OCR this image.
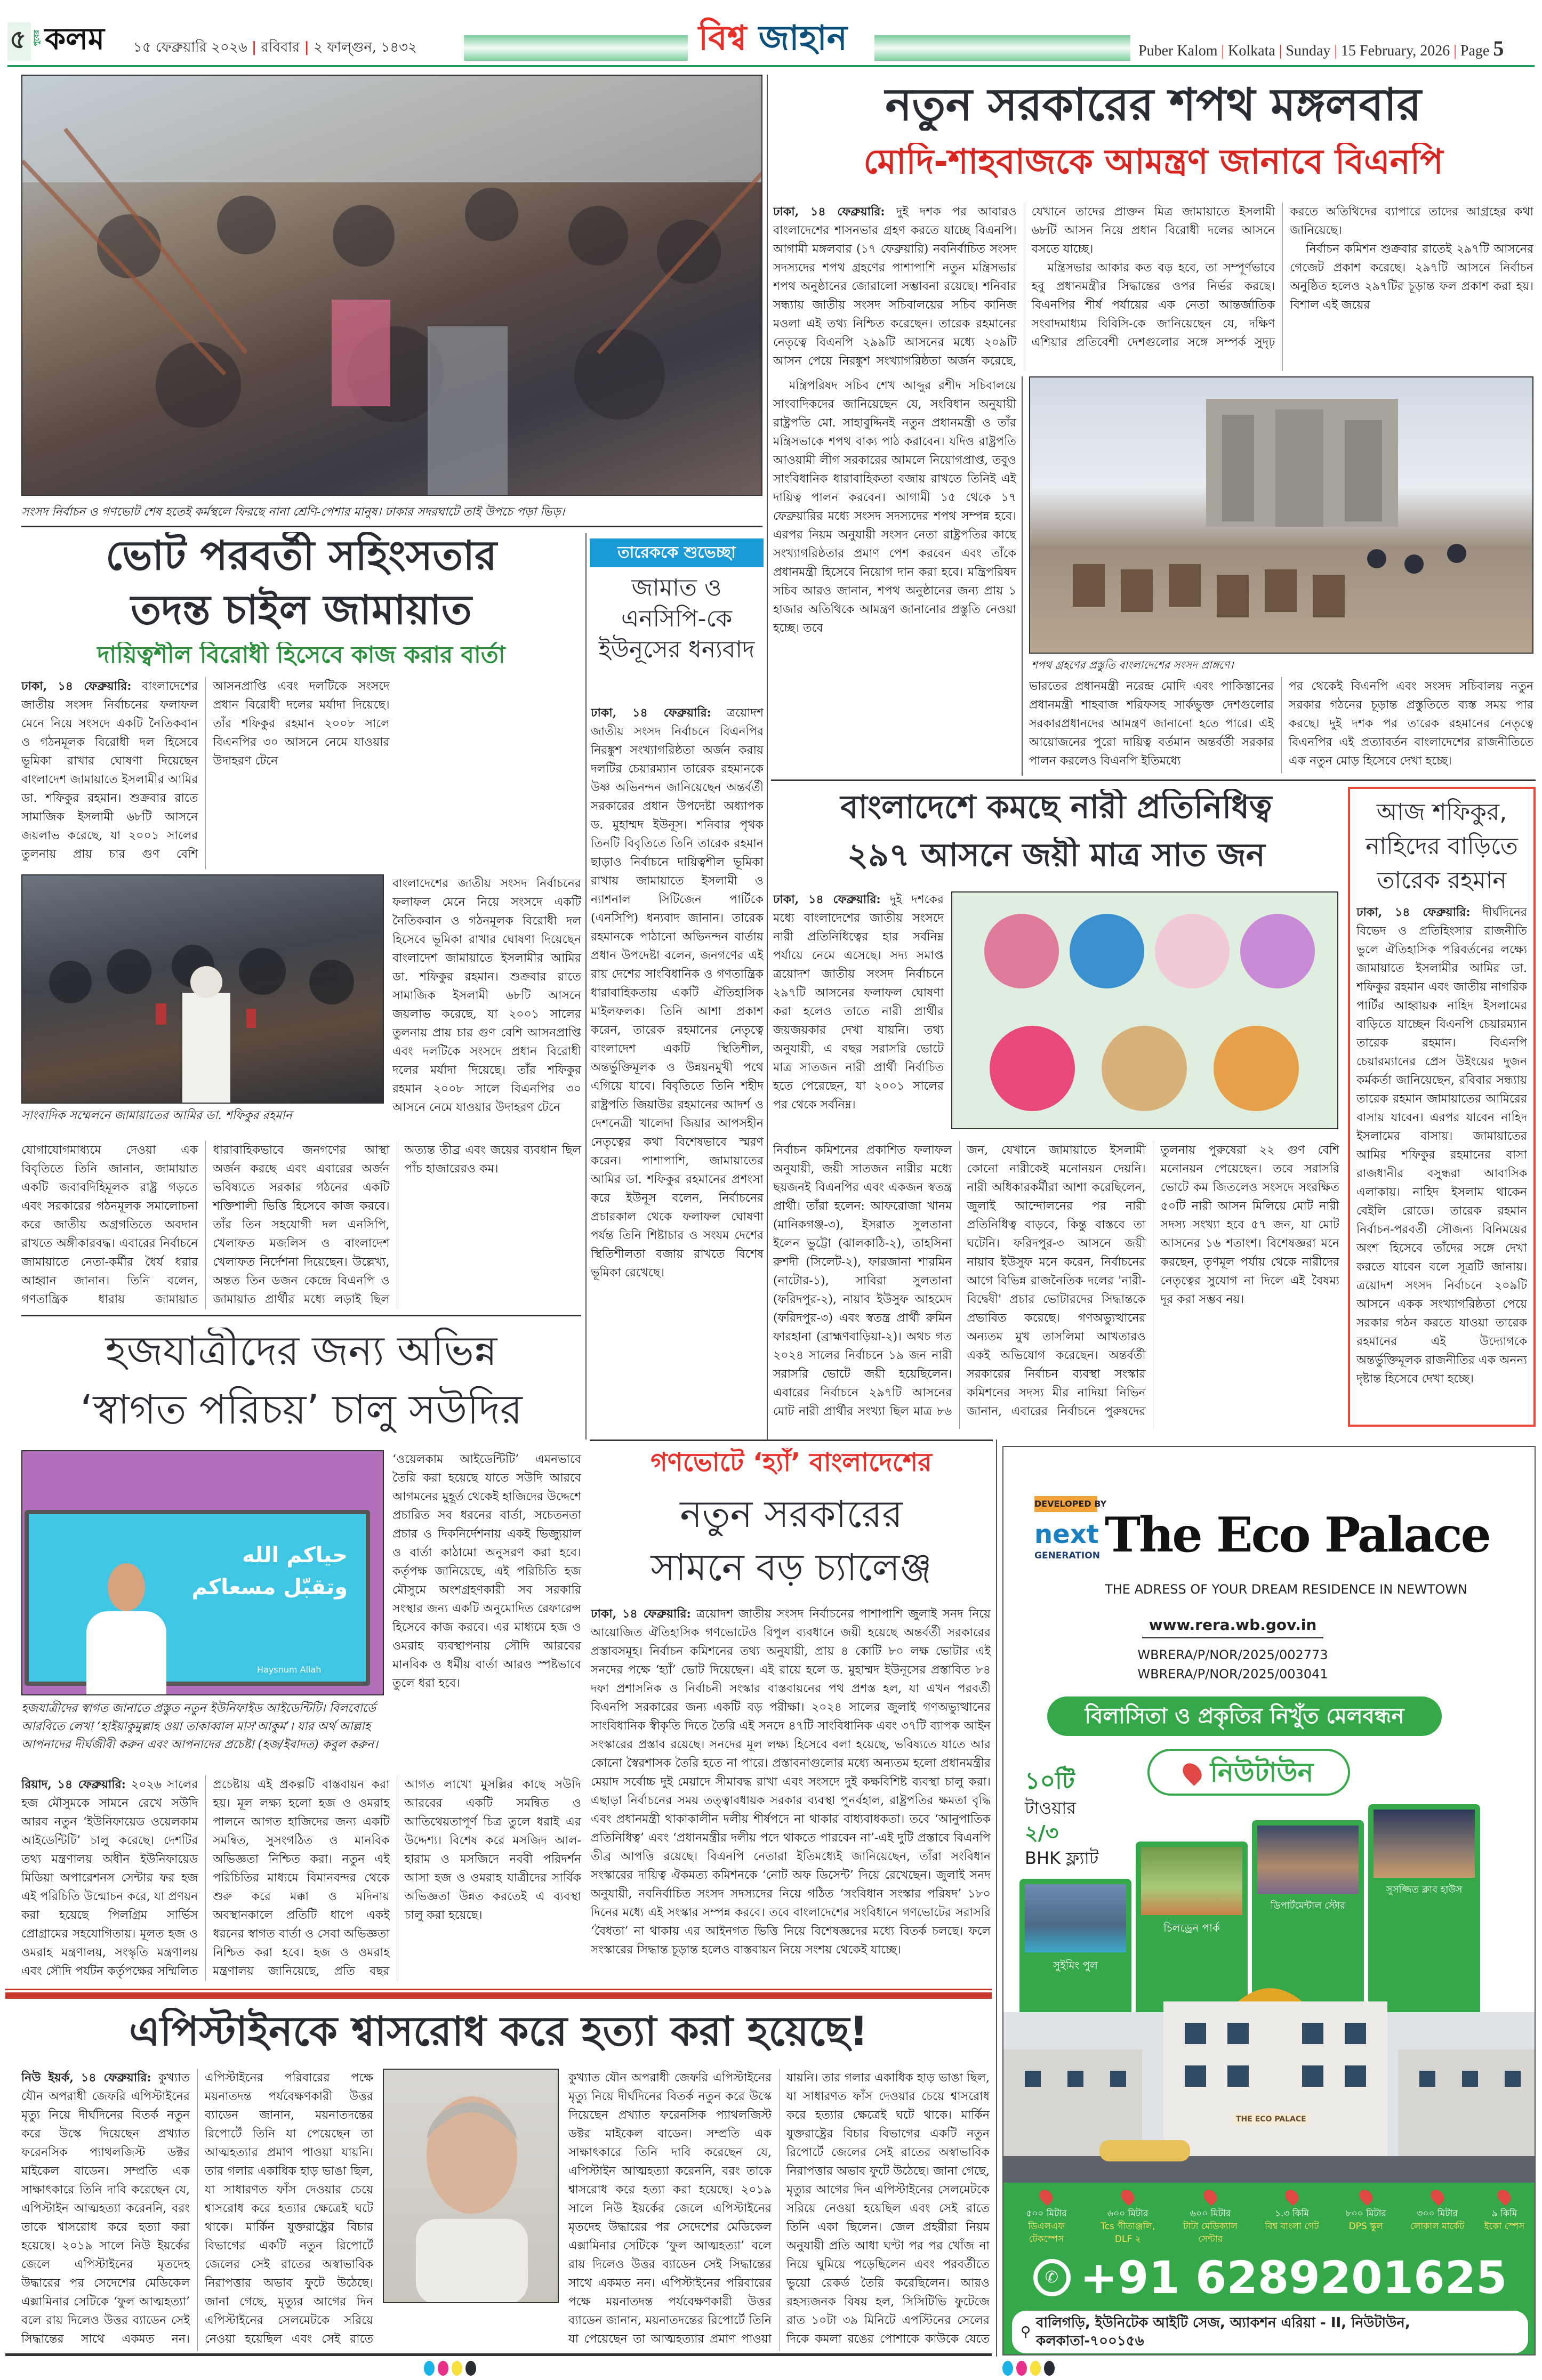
৫ পুবের কলম ১৫ ফেব্রুয়ারি ২০২৬ | রবিবার | ২ ফাল্গুন, ১৪৩২	বিশ্ব জাহান	Puber Kalom | Kolkata | Sunday | 15 February, 2026 | Page 5
সংসদ নির্বাচন ও গণভোট শেষ হতেই কর্মস্থলে ফিরছে নানা শ্রেণি-পেশার মানুষ। ঢাকার সদরঘাটে তাই উপচে পড়া ভিড়।
নতুন সরকারের শপথ মঙ্গলবার
মোদি-শাহবাজকে আমন্ত্রণ জানাবে বিএনপি

ঢাকা, ১৪ ফেব্রুয়ারি: দুই দশক পর আবারও বাংলাদেশের শাসনভার গ্রহণ করতে যাচ্ছে বিএনপি। আগামী মঙ্গলবার (১৭ ফেব্রুয়ারি) নবনির্বাচিত সংসদ সদস্যদের শপথ গ্রহণের পাশাপাশি নতুন মন্ত্রিসভার শপথ অনুষ্ঠানের জোরালো সম্ভাবনা রয়েছে। শনিবার সন্ধ্যায় জাতীয় সংসদ সচিবালয়ের সচিব কানিজ মওলা এই তথ্য নিশ্চিত করেছেন। তারেক রহমানের নেতৃত্বে বিএনপি ২৯৯টি আসনের মধ্যে ২০৯টি আসন পেয়ে নিরঙ্কুশ সংখ্যাগরিষ্ঠতা অর্জন করেছে, যেখানে তাদের প্রাক্তন মিত্র জামায়াতে ইসলামী ৬৮টি আসন নিয়ে প্রধান বিরোধী দলের আসনে বসতে যাচ্ছে।

মন্ত্রিসভার আকার কত বড় হবে, তা সম্পূর্ণভাবে হবু প্রধানমন্ত্রীর সিদ্ধান্তের ওপর নির্ভর করছে। বিএনপির শীর্ষ পর্যায়ের এক নেতা আন্তর্জাতিক সংবাদমাধ্যম বিবিসি-কে জানিয়েছেন যে, দক্ষিণ এশিয়ার প্রতিবেশী দেশগুলোর সঙ্গে সম্পর্ক সুদৃঢ় করতে অতিথিদের ব্যাপারে তাদের আগ্রহের কথা জানিয়েছে।

নির্বাচন কমিশন শুক্রবার রাতেই ২৯৭টি আসনের গেজেট প্রকাশ করেছে। ২৯৭টি আসনে নির্বাচন অনুষ্ঠিত হলেও ২৯৭টির চূড়ান্ত ফল প্রকাশ করা হয়। বিশাল এই জয়ের

মন্ত্রিপরিষদ সচিব শেখ আব্দুর রশীদ সচিবালয়ে সাংবাদিকদের জানিয়েছেন যে, সংবিধান অনুযায়ী রাষ্ট্রপতি মো. সাহাবুদ্দিনই নতুন প্রধানমন্ত্রী ও তাঁর মন্ত্রিসভাকে শপথ বাক্য পাঠ করাবেন। যদিও রাষ্ট্রপতি আওয়ামী লীগ সরকারের আমলে নিয়োগপ্রাপ্ত, তবুও সাংবিধানিক ধারাবাহিকতা বজায় রাখতে তিনিই এই দায়িত্ব পালন করবেন। আগামী ১৫ থেকে ১৭ ফেব্রুয়ারির মধ্যে সংসদ সদস্যদের শপথ সম্পন্ন হবে। এরপর নিয়ম অনুযায়ী সংসদ নেতা রাষ্ট্রপতির কাছে সংখ্যাগরিষ্ঠতার প্রমাণ পেশ করবেন এবং তাঁকে প্রধানমন্ত্রী হিসেবে নিয়োগ দান করা হবে। মন্ত্রিপরিষদ সচিব আরও জানান, শপথ অনুষ্ঠানের জন্য প্রায় ১ হাজার অতিথিকে আমন্ত্রণ জানানোর প্রস্তুতি নেওয়া হচ্ছে। তবে

শপথ গ্রহণের প্রস্তুতি বাংলাদেশের সংসদ প্রাঙ্গণে।

ভারতের প্রধানমন্ত্রী নরেন্দ্র মোদি এবং পাকিস্তানের প্রধানমন্ত্রী শাহবাজ শরিফসহ সার্কভুক্ত দেশগুলোর সরকারপ্রধানদের আমন্ত্রণ জানানো হতে পারে। এই আয়োজনের পুরো দায়িত্ব বর্তমান অন্তর্বর্তী সরকার পালন করলেও বিএনপি ইতিমধ্যে

পর থেকেই বিএনপি এবং সংসদ সচিবালয় নতুন সরকার গঠনের চূড়ান্ত প্রস্তুতিতে ব্যস্ত সময় পার করছে। দুই দশক পর তারেক রহমানের নেতৃত্বে বিএনপির এই প্রত্যাবর্তন বাংলাদেশের রাজনীতিতে এক নতুন মোড় হিসেবে দেখা হচ্ছে।

ভোট পরবর্তী সহিংসতার
তদন্ত চাইল জামায়াত
দায়িত্বশীল বিরোধী হিসেবে কাজ করার বার্তা

ঢাকা, ১৪ ফেব্রুয়ারি: বাংলাদেশের জাতীয় সংসদ নির্বাচনের ফলাফল মেনে নিয়ে সংসদে একটি নৈতিকবান ও গঠনমূলক বিরোধী দল হিসেবে ভূমিকা রাখার ঘোষণা দিয়েছেন বাংলাদেশ জামায়াতে ইসলামীর আমির ডা. শফিকুর রহমান। শুক্রবার রাতে সামাজিক ইসলামী ৬৮টি আসনে জয়লাভ করেছে, যা ২০০১ সালের তুলনায় প্রায় চার গুণ বেশি আসনপ্রাপ্তি এবং দলটিকে সংসদে প্রধান বিরোধী দলের মর্যাদা দিয়েছে। তাঁর শফিকুর রহমান ২০০৮ সালে বিএনপির ৩০ আসনে নেমে যাওয়ার উদাহরণ টেনে

সাংবাদিক সম্মেলনে জামায়াতের আমির ডা. শফিকুর রহমান

বাংলাদেশের জাতীয় সংসদ নির্বাচনের ফলাফল মেনে নিয়ে সংসদে একটি নৈতিকবান ও গঠনমূলক বিরোধী দল হিসেবে ভূমিকা রাখার ঘোষণা দিয়েছেন বাংলাদেশ জামায়াতে ইসলামীর আমির ডা. শফিকুর রহমান। শুক্রবার রাতে সামাজিক ইসলামী ৬৮টি আসনে জয়লাভ করেছে, যা ২০০১ সালের তুলনায় প্রায় চার গুণ বেশি আসনপ্রাপ্তি এবং দলটিকে সংসদে প্রধান বিরোধী দলের মর্যাদা দিয়েছে। তাঁর শফিকুর রহমান ২০০৮ সালে বিএনপির ৩০ আসনে নেমে যাওয়ার উদাহরণ টেনে

যোগাযোগমাধ্যমে দেওয়া এক বিবৃতিতে তিনি জানান, জামায়াত একটি জবাবদিহিমূলক রাষ্ট্র গড়তে এবং সরকারের গঠনমূলক সমালোচনা করে জাতীয় অগ্রগতিতে অবদান রাখতে অঙ্গীকারবদ্ধ। এবারের নির্বাচনে জামায়াতে নেতা-কর্মীর ধৈর্য ধরার আহ্বান জানান। তিনি বলেন, গণতান্ত্রিক ধারায় জামায়াত ধারাবাহিকভাবে জনগণের আস্থা অর্জন করছে এবং এবারের অর্জন ভবিষ্যতে সরকার গঠনের একটি শক্তিশালী ভিত্তি হিসেবে কাজ করবে। তাঁর তিন সহযোগী দল এনসিপি, খেলাফত মজলিস ও বাংলাদেশ খেলাফত নির্দেশনা দিয়েছেন। উল্লেখ্য, অন্তত তিন ডজন কেন্দ্রে বিএনপি ও জামায়াত প্রার্থীর মধ্যে লড়াই ছিল অত্যন্ত তীব্র এবং জয়ের ব্যবধান ছিল পাঁচ হাজারেরও কম।

তারেককে শুভেচ্ছা
জামাত ও এনসিপি-কে ইউনূসের ধন্যবাদ

ঢাকা, ১৪ ফেব্রুয়ারি: ত্রয়োদশ জাতীয় সংসদ নির্বাচনে বিএনপির নিরঙ্কুশ সংখ্যাগরিষ্ঠতা অর্জন করায় দলটির চেয়ারম্যান তারেক রহমানকে উষ্ণ অভিনন্দন জানিয়েছেন অন্তর্বর্তী সরকারের প্রধান উপদেষ্টা অধ্যাপক ড. মুহাম্মদ ইউনূস। শনিবার পৃথক তিনটি বিবৃতিতে তিনি তারেক রহমান ছাড়াও নির্বাচনে দায়িত্বশীল ভূমিকা রাখায় জামায়াতে ইসলামী ও ন্যাশনাল সিটিজেন পার্টিকে (এনসিপি) ধন্যবাদ জানান। তারেক রহমানকে পাঠানো অভিনন্দন বার্তায় প্রধান উপদেষ্টা বলেন, জনগণের এই রায় দেশের সাংবিধানিক ও গণতান্ত্রিক ধারাবাহিকতায় একটি ঐতিহাসিক মাইলফলক। তিনি আশা প্রকাশ করেন, তারেক রহমানের নেতৃত্বে বাংলাদেশ একটি স্থিতিশীল, অন্তর্ভুক্তিমূলক ও উন্নয়নমুখী পথে এগিয়ে যাবে। বিবৃতিতে তিনি শহীদ রাষ্ট্রপতি জিয়াউর রহমানের আদর্শ ও দেশনেত্রী খালেদা জিয়ার আপসহীন নেতৃত্বের কথা বিশেষভাবে স্মরণ করেন। পাশাপাশি, জামায়াতের আমির ডা. শফিকুর রহমানের প্রশংসা করে ইউনূস বলেন, নির্বাচনের প্রচারকাল থেকে ফলাফল ঘোষণা পর্যন্ত তিনি শিষ্টাচার ও সংযম দেশের স্থিতিশীলতা বজায় রাখতে বিশেষ ভূমিকা রেখেছে।

বাংলাদেশে কমছে নারী প্রতিনিধিত্ব
২৯৭ আসনে জয়ী মাত্র সাত জন

ঢাকা, ১৪ ফেব্রুয়ারি: দুই দশকের মধ্যে বাংলাদেশের জাতীয় সংসদে নারী প্রতিনিধিত্বের হার সর্বনিম্ন পর্যায়ে নেমে এসেছে। সদ্য সমাপ্ত ত্রয়োদশ জাতীয় সংসদ নির্বাচনে ২৯৭টি আসনের ফলাফল ঘোষণা করা হলেও তাতে নারী প্রার্থীর জয়জয়কার দেখা যায়নি। তথ্য অনুযায়ী, এ বছর সরাসরি ভোটে মাত্র সাতজন নারী প্রার্থী নির্বাচিত হতে পেরেছেন, যা ২০০১ সালের পর থেকে সর্বনিম্ন।

নির্বাচন কমিশনের প্রকাশিত ফলাফল অনুযায়ী, জয়ী সাতজন নারীর মধ্যে ছয়জনই বিএনপির এবং একজন স্বতন্ত্র প্রার্থী। তাঁরা হলেন: আফরোজা খানম (মানিকগঞ্জ-৩), ইসরাত সুলতানা ইলেন ভুট্টো (ঝালকাঠি-২), তাহসিনা রুশদী (সিলেট-২), ফারজানা শারমিন (নাটোর-১), সাবিরা সুলতানা (ফরিদপুর-২), নায়াব ইউসুফ আহমেদ (ফরিদপুর-৩) এবং স্বতন্ত্র প্রার্থী রুমিন ফারহানা (ব্রাহ্মণবাড়িয়া-২)। অথচ গত ২০২৪ সালের নির্বাচনে ১৯ জন নারী সরাসরি ভোটে জয়ী হয়েছিলেন। এবারের নির্বাচনে ২৯৭টি আসনের মোট নারী প্রার্থীর সংখ্যা ছিল মাত্র ৮৬ জন, যেখানে জামায়াতে ইসলামী কোনো নারীকেই মনোনয়ন দেয়নি। নারী অধিকারকর্মীরা আশা করেছিলেন, জুলাই আন্দোলনের পর নারী প্রতিনিধিত্ব বাড়বে, কিন্তু বাস্তবে তা ঘটেনি। ফরিদপুর-৩ আসনে জয়ী নায়াব ইউসুফ মনে করেন, নির্বাচনের আগে বিভিন্ন রাজনৈতিক দলের 'নারী-বিদ্বেষী' প্রচার ভোটারদের সিদ্ধান্তকে প্রভাবিত করেছে। গণঅভ্যুত্থানের অন্যতম মুখ তাসলিমা আখতারও একই অভিযোগ করেছেন। অন্তর্বর্তী সরকারের নির্বাচন ব্যবস্থা সংস্কার কমিশনের সদস্য মীর নাদিয়া নিভিন জানান, এবারের নির্বাচনে পুরুষদের তুলনায় পুরুষেরা ২২ গুণ বেশি মনোনয়ন পেয়েছেন। তবে সরাসরি ভোটে কম জিতলেও সংসদে সংরক্ষিত ৫০টি নারী আসন মিলিয়ে মোট নারী সদস্য সংখ্যা হবে ৫৭ জন, যা মোট আসনের ১৬ শতাংশ। বিশেষজ্ঞরা মনে করছেন, তৃণমূল পর্যায় থেকে নারীদের নেতৃত্বের সুযোগ না দিলে এই বৈষম্য দূর করা সম্ভব নয়।

আজ শফিকুর, নাহিদের বাড়িতে তারেক রহমান

ঢাকা, ১৪ ফেব্রুয়ারি: দীর্ঘদিনের বিভেদ ও প্রতিহিংসার রাজনীতি ভুলে ঐতিহাসিক পরিবর্তনের লক্ষ্যে জামায়াতে ইসলামীর আমির ডা. শফিকুর রহমান এবং জাতীয় নাগরিক পার্টির আহ্বায়ক নাহিদ ইসলামের বাড়িতে যাচ্ছেন বিএনপি চেয়ারম্যান তারেক রহমান। বিএনপি চেয়ারম্যানের প্রেস উইংয়ের দুজন কর্মকর্তা জানিয়েছেন, রবিবার সন্ধ্যায় তারেক রহমান জামায়াতের আমিরের বাসায় যাবেন। এরপর যাবেন নাহিদ ইসলামের বাসায়। জামায়াতের আমির শফিকুর রহমানের বাসা রাজধানীর বসুন্ধরা আবাসিক এলাকায়। নাহিদ ইসলাম থাকেন বেইলি রোডে। তারেক রহমান নির্বাচন-পরবর্তী সৌজন্য বিনিময়ের অংশ হিসেবে তাঁদের সঙ্গে দেখা করতে যাবেন বলে সূত্রটি জানায়। ত্রয়োদশ সংসদ নির্বাচনে ২০৯টি আসনে একক সংখ্যাগরিষ্ঠতা পেয়ে সরকার গঠন করতে যাওয়া তারেক রহমানের এই উদ্যোগকে অন্তর্ভুক্তিমূলক রাজনীতির এক অনন্য দৃষ্টান্ত হিসেবে দেখা হচ্ছে।

হজযাত্রীদের জন্য অভিন্ন
‘স্বাগত পরিচয়’ চালু সউদির
حياكم الله
وتقبّل مسعاكم
Haysnum Allah
হজযাত্রীদের স্বাগত জানাতে প্রস্তুত নতুন ইউনিফাইড আইডেন্টিটি। বিলবোর্ডে আরবিতে লেখা ‘হাইয়াকুমুল্লাহ ওয়া তাকাব্বাল মাস'আকুম’। যার অর্থ আল্লাহ আপনাদের দীর্ঘজীবী করুন এবং আপনাদের প্রচেষ্টা (হজ/ইবাদত) কবুল করুন।

‘ওয়েলকাম আইডেন্টিটি’ এমনভাবে তৈরি করা হয়েছে যাতে সউদি আরবে আগমনের মুহূর্ত থেকেই হাজিদের উদ্দেশে প্রচারিত সব ধরনের বার্তা, সচেতনতা প্রচার ও দিকনির্দেশনায় একই ভিজ্যুয়াল ও বার্তা কাঠামো অনুসরণ করা হবে। কর্তৃপক্ষ জানিয়েছে, এই পরিচিতি হজ মৌসুমে অংশগ্রহণকারী সব সরকারি সংস্থার জন্য একটি অনুমোদিত রেফারেন্স হিসেবে কাজ করবে। এর মাধ্যমে হজ ও ওমরাহ ব্যবস্থাপনায় সৌদি আরবের মানবিক ও ধর্মীয় বার্তা আরও স্পষ্টভাবে তুলে ধরা হবে।

রিয়াদ, ১৪ ফেব্রুয়ারি: ২০২৬ সালের হজ মৌসুমকে সামনে রেখে সউদি আরব নতুন ‘ইউনিফায়েড ওয়েলকাম আইডেন্টিটি’ চালু করেছে। দেশটির তথ্য মন্ত্রণালয় অধীন ইউনিফায়েড মিডিয়া অপারেশনস সেন্টার ফর হজ এই পরিচিতি উন্মোচন করে, যা প্রণয়ন করা হয়েছে পিলগ্রিম সার্ভিস প্রোগ্রামের সহযোগিতায়। মূলত হজ ও ওমরাহ মন্ত্রণালয়, সংস্কৃতি মন্ত্রণালয় এবং সৌদি পর্যটন কর্তৃপক্ষের সম্মিলিত প্রচেষ্টায় এই প্রকল্পটি বাস্তবায়ন করা হয়। মূল লক্ষ্য হলো হজ ও ওমরাহ পালনে আগত হাজিদের জন্য একটি সমন্বিত, সুসংগঠিত ও মানবিক অভিজ্ঞতা নিশ্চিত করা। নতুন এই পরিচিতির মাধ্যমে বিমানবন্দর থেকে শুরু করে মক্কা ও মদিনায় অবস্থানকালে প্রতিটি ধাপে একই ধরনের স্বাগত বার্তা ও সেবা অভিজ্ঞতা নিশ্চিত করা হবে। হজ ও ওমরাহ মন্ত্রণালয় জানিয়েছে, প্রতি বছর আগত লাখো মুসল্লির কাছে সউদি আরবের একটি সমন্বিত ও আতিথেয়তাপূর্ণ চিত্র তুলে ধরাই এর উদ্দেশ্য। বিশেষ করে মসজিদ আল-হারাম ও মসজিদে নববী পরিদর্শন আসা হজ ও ওমরাহ যাত্রীদের সার্বিক অভিজ্ঞতা উন্নত করতেই এ ব্যবস্থা চালু করা হয়েছে।

গণভোটে ‘হ্যাঁ’ বাংলাদেশের
নতুন সরকারের
সামনে বড় চ্যালেঞ্জ

ঢাকা, ১৪ ফেব্রুয়ারি: ত্রয়োদশ জাতীয় সংসদ নির্বাচনের পাশাপাশি জুলাই সনদ নিয়ে আয়োজিত ঐতিহাসিক গণভোটেও বিপুল ব্যবধানে জয়ী হয়েছে অন্তর্বর্তী সরকারের প্রস্তাবসমূহ। নির্বাচন কমিশনের তথ্য অনুযায়ী, প্রায় ৪ কোটি ৮০ লক্ষ ভোটার এই সনদের পক্ষে ‘হ্যাঁ’ ভোট দিয়েছেন। এই রায়ে হলে ড. মুহাম্মদ ইউনূসের প্রস্তাবিত ৮৪ দফা প্রশাসনিক ও নির্বাচনী সংস্কার বাস্তবায়নের পথ প্রশস্ত হল, যা এখন পরবর্তী বিএনপি সরকারের জন্য একটি বড় পরীক্ষা। ২০২৪ সালের জুলাই গণঅভ্যুত্থানের সাংবিধানিক স্বীকৃতি দিতে তৈরি এই সনদে ৪৭টি সাংবিধানিক এবং ৩৭টি ব্যাপক আইন সংস্কারের প্রস্তাব রয়েছে। সনদের মূল লক্ষ্য হিসেবে বলা হয়েছে, ভবিষ্যতে যাতে আর কোনো স্বৈরশাসক তৈরি হতে না পারে। প্রস্তাবনাগুলোর মধ্যে অন্যতম হলো প্রধানমন্ত্রীর মেয়াদ সর্বোচ্চ দুই মেয়াদে সীমাবদ্ধ রাখা এবং সংসদে দুই কক্ষবিশিষ্ট ব্যবস্থা চালু করা। এছাড়া নির্বাচনের সময় তত্ত্বাবধায়ক সরকার ব্যবস্থা পুনর্বহাল, রাষ্ট্রপতির ক্ষমতা বৃদ্ধি এবং প্রধানমন্ত্রী থাকাকালীন দলীয় শীর্ষপদে না থাকার বাধ্যবাধকতা। তবে ‘আনুপাতিক প্রতিনিধিত্ব’ এবং ‘প্রধানমন্ত্রীর দলীয় পদে থাকতে পারবেন না’-এই দুটি প্রস্তাবে বিএনপি তীব্র আপত্তি রয়েছে। বিএনপি নেতারা ইতিমধ্যেই জানিয়েছেন, তাঁরা সংবিধান সংস্কারের দায়িত্ব ঐকমত্য কমিশনকে ‘নোট অফ ডিসেন্ট’ দিয়ে রেখেছেন। জুলাই সনদ অনুযায়ী, নবনির্বাচিত সংসদ সদস্যদের নিয়ে গঠিত ‘সংবিধান সংস্কার পরিষদ’ ১৮০ দিনের মধ্যে এই সংস্কার সম্পন্ন করবে। তবে বাংলাদেশের সংবিধানে গণভোটের সরাসরি ‘বৈধতা’ না থাকায় এর আইনগত ভিত্তি নিয়ে বিশেষজ্ঞদের মধ্যে বিতর্ক চলছে। ফলে সংস্কারের সিদ্ধান্ত চূড়ান্ত হলেও বাস্তবায়ন নিয়ে সংশয় থেকেই যাচ্ছে।

এপিস্টাইনকে শ্বাসরোধ করে হত্যা করা হয়েছে!

নিউ ইয়র্ক, ১৪ ফেব্রুয়ারি: কুখ্যাত যৌন অপরাধী জেফরি এপিস্টাইনের মৃত্যু নিয়ে দীর্ঘদিনের বিতর্ক নতুন করে উস্কে দিয়েছেন প্রখ্যাত ফরেনসিক প্যাথলজিস্ট ডক্টর মাইকেল বাডেন। সম্প্রতি এক সাক্ষাৎকারে তিনি দাবি করেছেন যে, এপিস্টাইন আত্মহত্যা করেননি, বরং তাকে শ্বাসরোধ করে হত্যা করা হয়েছে। ২০১৯ সালে নিউ ইয়র্কের জেলে এপিস্টাইনের মৃতদেহ উদ্ধারের পর সেদেশের মেডিকেল এক্সামিনার সেটিকে ‘ফুল আত্মহত্যা’ বলে রায় দিলেও উত্তর ব্যাডেন সেই সিদ্ধান্তের সাথে একমত নন। এপিস্টাইনের পরিবারের পক্ষে ময়নাতদন্ত পর্যবেক্ষণকারী উত্তর ব্যাডেন জানান, ময়নাতদন্তের রিপোর্টে তিনি যা পেয়েছেন তা আত্মহত্যার প্রমাণ পাওয়া যায়নি। তার গলার একাধিক হাড় ভাঙা ছিল, যা সাধারণত ফাঁস দেওয়ার চেয়ে শ্বাসরোধ করে হত্যার ক্ষেত্রেই ঘটে থাকে। মার্কিন যুক্তরাষ্ট্রের বিচার বিভাগের একটি নতুন রিপোর্টে জেলের সেই রাতের অস্বাভাবিক নিরাপত্তার অভাব ফুটে উঠেছে। জানা গেছে, মৃত্যুর আগের দিন এপিস্টাইনের সেলমেটকে সরিয়ে নেওয়া হয়েছিল এবং সেই রাতে

কুখ্যাত যৌন অপরাধী জেফরি এপিস্টাইনের মৃত্যু নিয়ে দীর্ঘদিনের বিতর্ক নতুন করে উস্কে দিয়েছেন প্রখ্যাত ফরেনসিক প্যাথলজিস্ট ডক্টর মাইকেল বাডেন। সম্প্রতি এক সাক্ষাৎকারে তিনি দাবি করেছেন যে, এপিস্টাইন আত্মহত্যা করেননি, বরং তাকে শ্বাসরোধ করে হত্যা করা হয়েছে। ২০১৯ সালে নিউ ইয়র্কের জেলে এপিস্টাইনের মৃতদেহ উদ্ধারের পর সেদেশের মেডিকেল এক্সামিনার সেটিকে ‘ফুল আত্মহত্যা’ বলে রায় দিলেও উত্তর ব্যাডেন সেই সিদ্ধান্তের সাথে একমত নন। এপিস্টাইনের পরিবারের পক্ষে ময়নাতদন্ত পর্যবেক্ষণকারী উত্তর ব্যাডেন জানান, ময়নাতদন্তের রিপোর্টে তিনি যা পেয়েছেন তা আত্মহত্যার প্রমাণ পাওয়া যায়নি। তার গলার একাধিক হাড় ভাঙা ছিল, যা সাধারণত ফাঁস দেওয়ার চেয়ে শ্বাসরোধ করে হত্যার ক্ষেত্রেই ঘটে থাকে। মার্কিন যুক্তরাষ্ট্রের বিচার বিভাগের একটি নতুন রিপোর্টে জেলের সেই রাতের অস্বাভাবিক নিরাপত্তার অভাব ফুটে উঠেছে। জানা গেছে, মৃত্যুর আগের দিন এপিস্টাইনের সেলমেটকে সরিয়ে নেওয়া হয়েছিল এবং সেই রাতে তিনি একা ছিলেন। জেল প্রহরীরা নিয়ম অনুযায়ী প্রতি আধা ঘণ্টা পর পর খোঁজ না নিয়ে ঘুমিয়ে পড়েছিলেন এবং পরবর্তীতে ভুয়ো রেকর্ড তৈরি করেছিলেন। আরও রহস্যজনক বিষয় হল, সিসিটিভি ফুটেজে রাত ১০টা ৩৯ মিনিটে এপস্টিনের সেলের দিকে কমলা রঙের পোশাকে কাউকে যেতে

DEVELOPED BY
next
GENERATION The Eco Palace
THE ADRESS OF YOUR DREAM RESIDENCE IN NEWTOWN
www.rera.wb.gov.in
WBRERA/P/NOR/2025/002773
WBRERA/P/NOR/2025/003041
বিলাসিতা ও প্রকৃতির নিখুঁত মেলবন্ধন
নিউটাউন
১০টি
টাওয়ার
২/৩
BHK ফ্ল্যাট
সুইমিং পুল
চিলড্রেন পার্ক
ডিপার্টমেন্টাল স্টোর
সুসজ্জিত ক্লাব হাউস
THE ECO PALACE
৫০০ মিটার
ডিএলএফ টেকস্পেস
৬০০ মিটার
Tcs গীতাঞ্জলি, DLF ২
৬০০ মিটার
টাটা মেডিক্যাল সেন্টার
১.৩ কিমি
বিশ্ব বাংলা গেট
৮০০ মিটার
DPS স্কুল
৩০০ মিটার
লোকাল মার্কেট
৯ কিমি
ইকো স্পেস
✆ +91 6289201625
⚲
বালিগড়ি, ইউনিটেক আইটি সেজ, অ্যাকশন এরিয়া - II, নিউটাউন, কলকাতা-৭০০১৫৬
